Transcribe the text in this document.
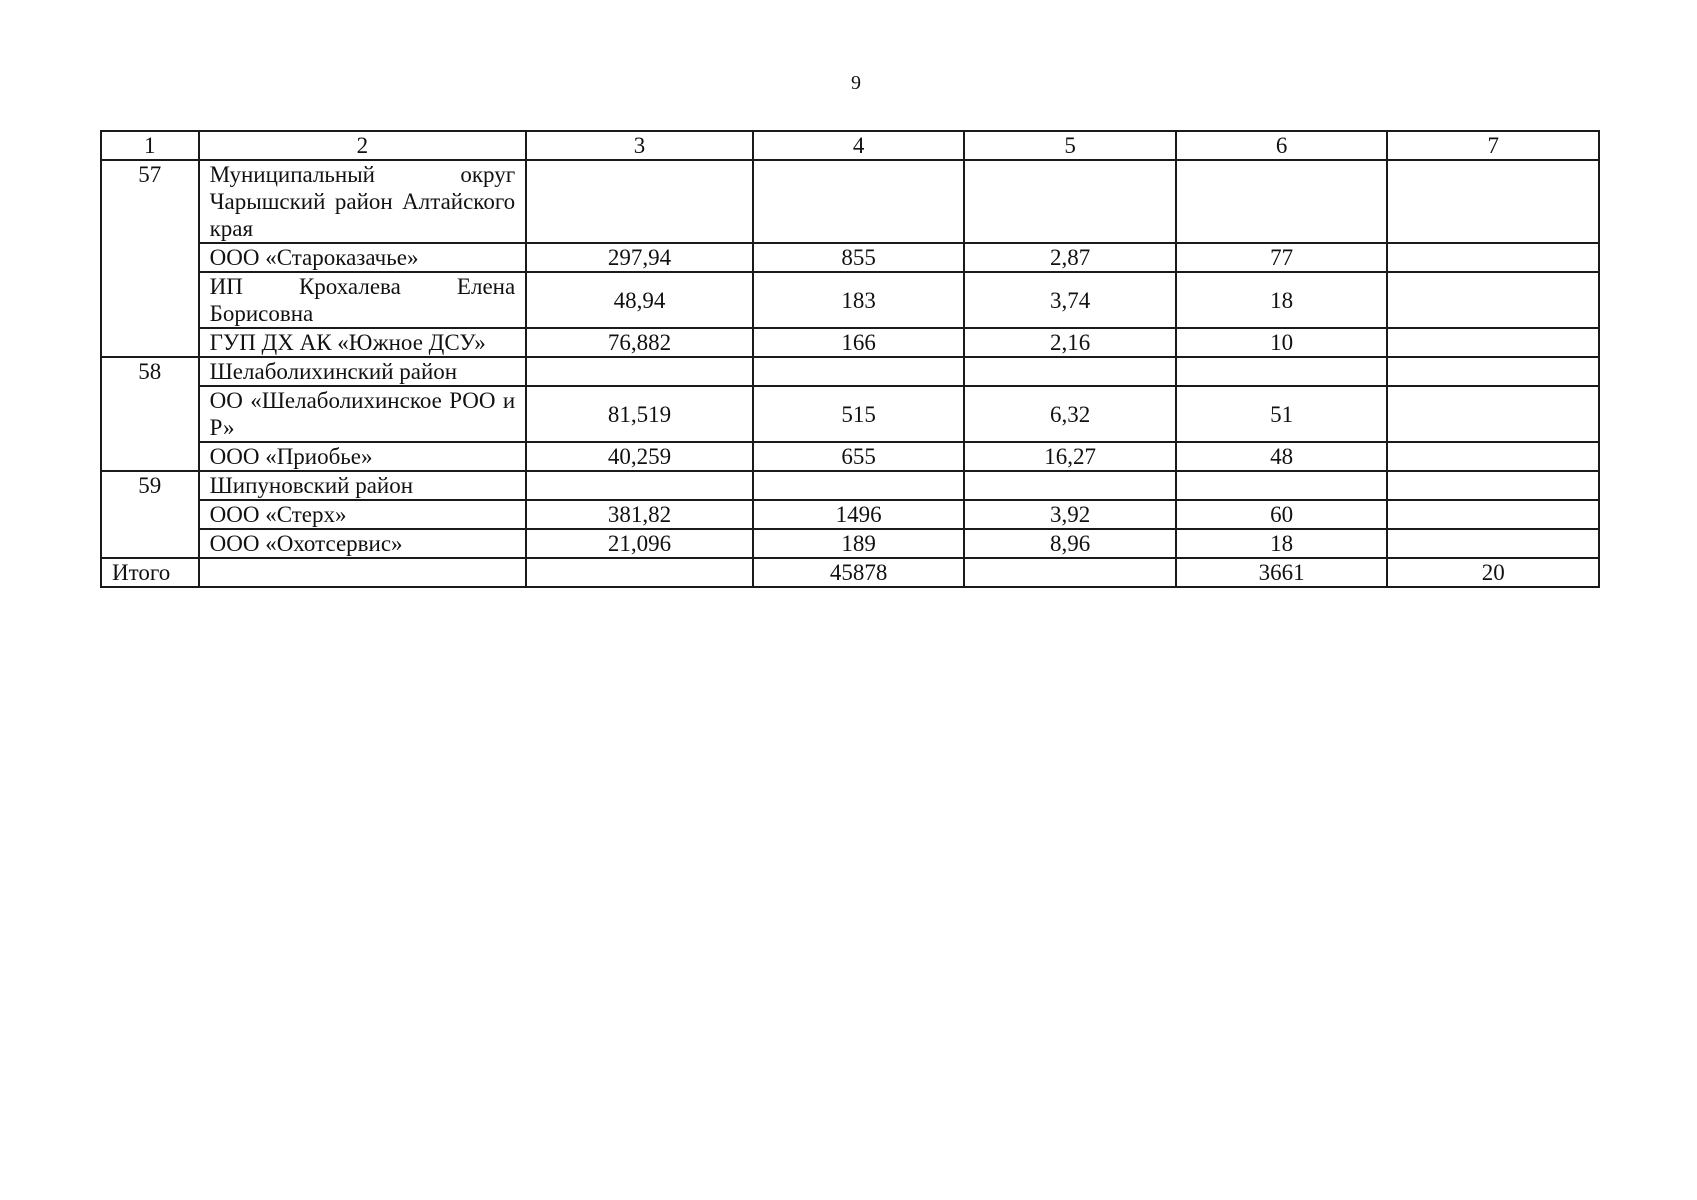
9
1	2	3	4	5	6	7
57	Муниципальный округ Чарышский район Алтайского края					
	ООО «Староказачье»	297,94	855	2,87	77	
	ИП Крохалева Елена Борисовна	48,94	183	3,74	18	
	ГУП ДХ АК «Южное ДСУ»	76,882	166	2,16	10	
58	Шелаболихинский район					
	ОО «Шелаболихинское РОО и Р»	81,519	515	6,32	51	
	ООО «Приобье»	40,259	655	16,27	48	
59	Шипуновский район					
	ООО «Стерх»	381,82	1496	3,92	60	
	ООО «Охотсервис»	21,096	189	8,96	18	
Итого			45878		3661	20
